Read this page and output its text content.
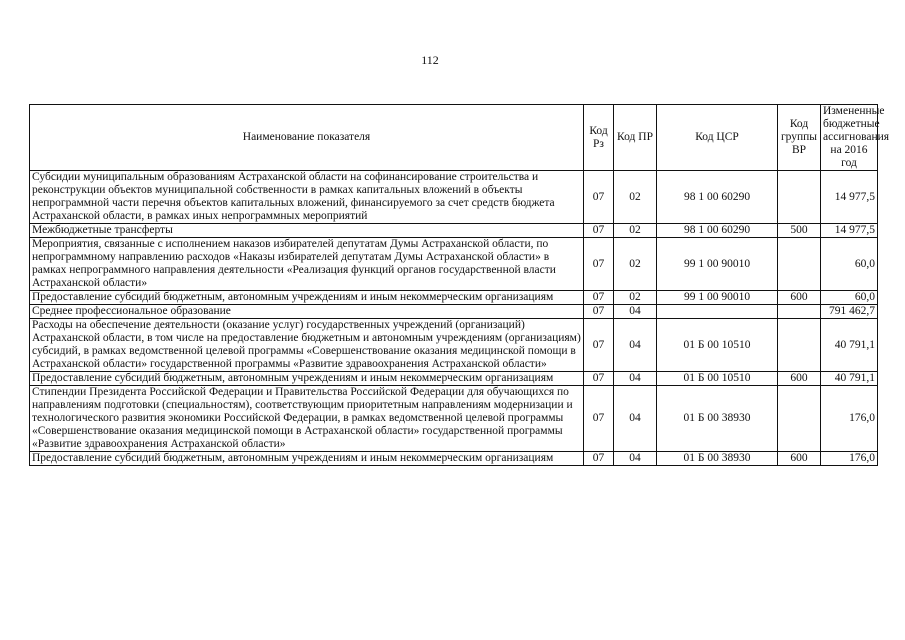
112
Наименование показателя	Код Рз	Код ПР	Код ЦСР	Код группы ВР	Измененные бюджетные ассигнования на 2016 год
Субсидии муниципальным образованиям Астраханской области на софинансирование строительства и реконструкции объектов муниципальной собственности в рамках капитальных вложений в объекты непрограммной части перечня объектов капитальных вложений, финансируемого за счет средств бюджета Астраханской области, в рамках иных непрограммных мероприятий	07	02	98 1 00 60290		14 977,5
Межбюджетные трансферты	07	02	98 1 00 60290	500	14 977,5
Мероприятия, связанные с исполнением наказов избирателей депутатам Думы Астраханской области, по непрограммному направлению расходов «Наказы избирателей депутатам Думы Астраханской области» в рамках непрограммного направления деятельности «Реализация функций органов государственной власти Астраханской области»	07	02	99 1 00 90010		60,0
Предоставление субсидий бюджетным, автономным учреждениям и иным некоммерческим организациям	07	02	99 1 00 90010	600	60,0
Среднее профессиональное образование	07	04			791 462,7
Расходы на обеспечение деятельности (оказание услуг) государственных учреждений (организаций) Астраханской области, в том числе на предоставление бюджетным и автономным учреждениям (организациям) субсидий, в рамках ведомственной целевой программы «Совершенствование оказания медицинской помощи в Астраханской области» государственной программы «Развитие здравоохранения Астраханской области»	07	04	01 Б 00 10510		40 791,1
Предоставление субсидий бюджетным, автономным учреждениям и иным некоммерческим организациям	07	04	01 Б 00 10510	600	40 791,1
Стипендии Президента Российской Федерации и Правительства Российской Федерации для обучающихся по направлениям подготовки (специальностям), соответствующим приоритетным направлениям модернизации и технологического развития экономики Российской Федерации, в рамках ведомственной целевой программы «Совершенствование оказания медицинской помощи в Астраханской области» государственной программы «Развитие здравоохранения Астраханской области»	07	04	01 Б 00 38930		176,0
Предоставление субсидий бюджетным, автономным учреждениям и иным некоммерческим организациям	07	04	01 Б 00 38930	600	176,0
